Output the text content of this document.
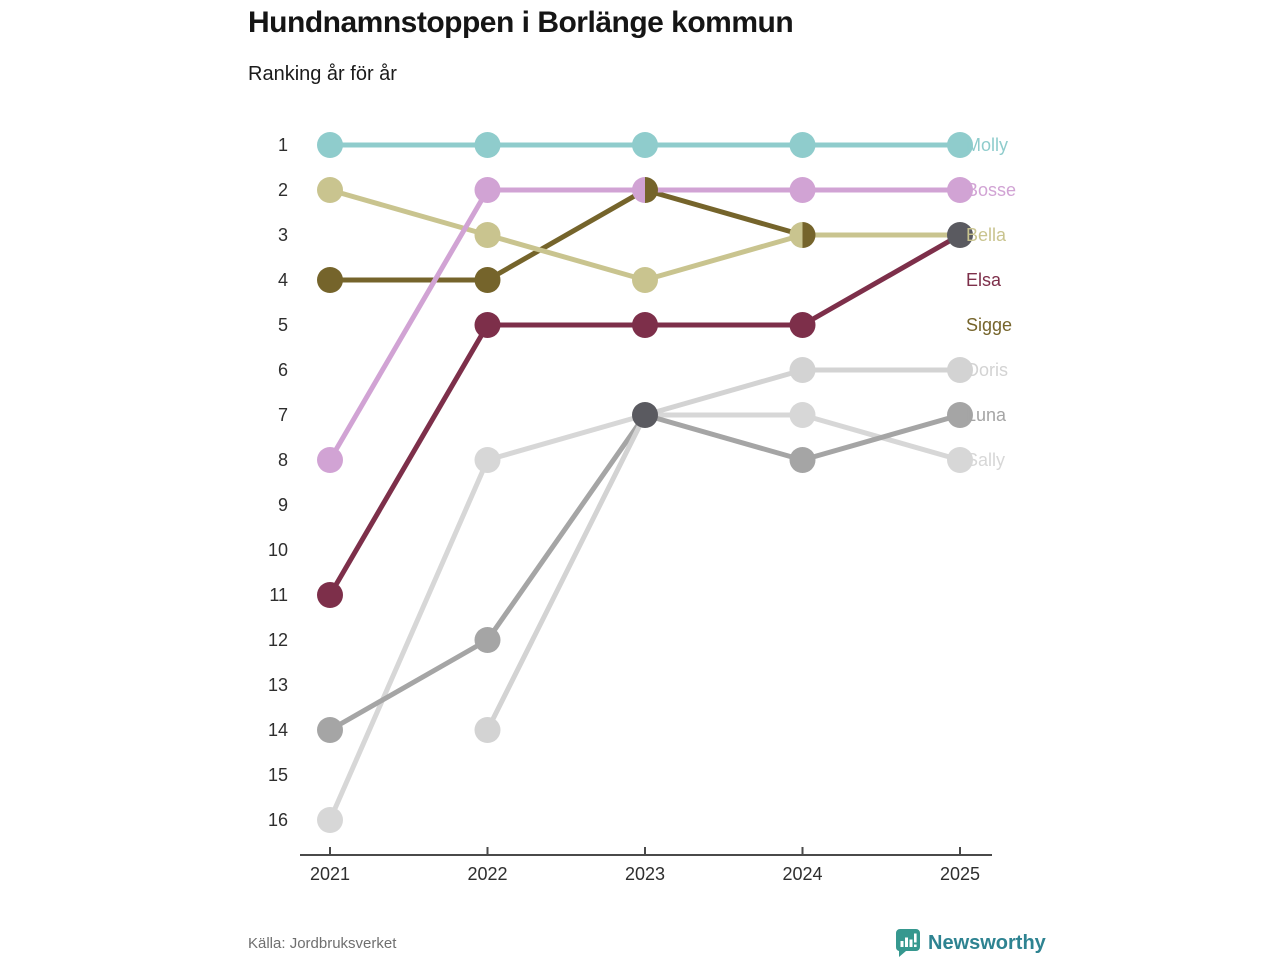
Hundnamnstoppen i Borlänge kommun
Ranking år för år
1
2
3
4
5
6
7
8
9
10
11
12
13
14
15
16
2021	2022	2023	2024	2025
Molly
Bosse
Bella
Elsa
Sigge
Doris
Luna
Sally
Källa: Jordbruksverket	Newsworthy
